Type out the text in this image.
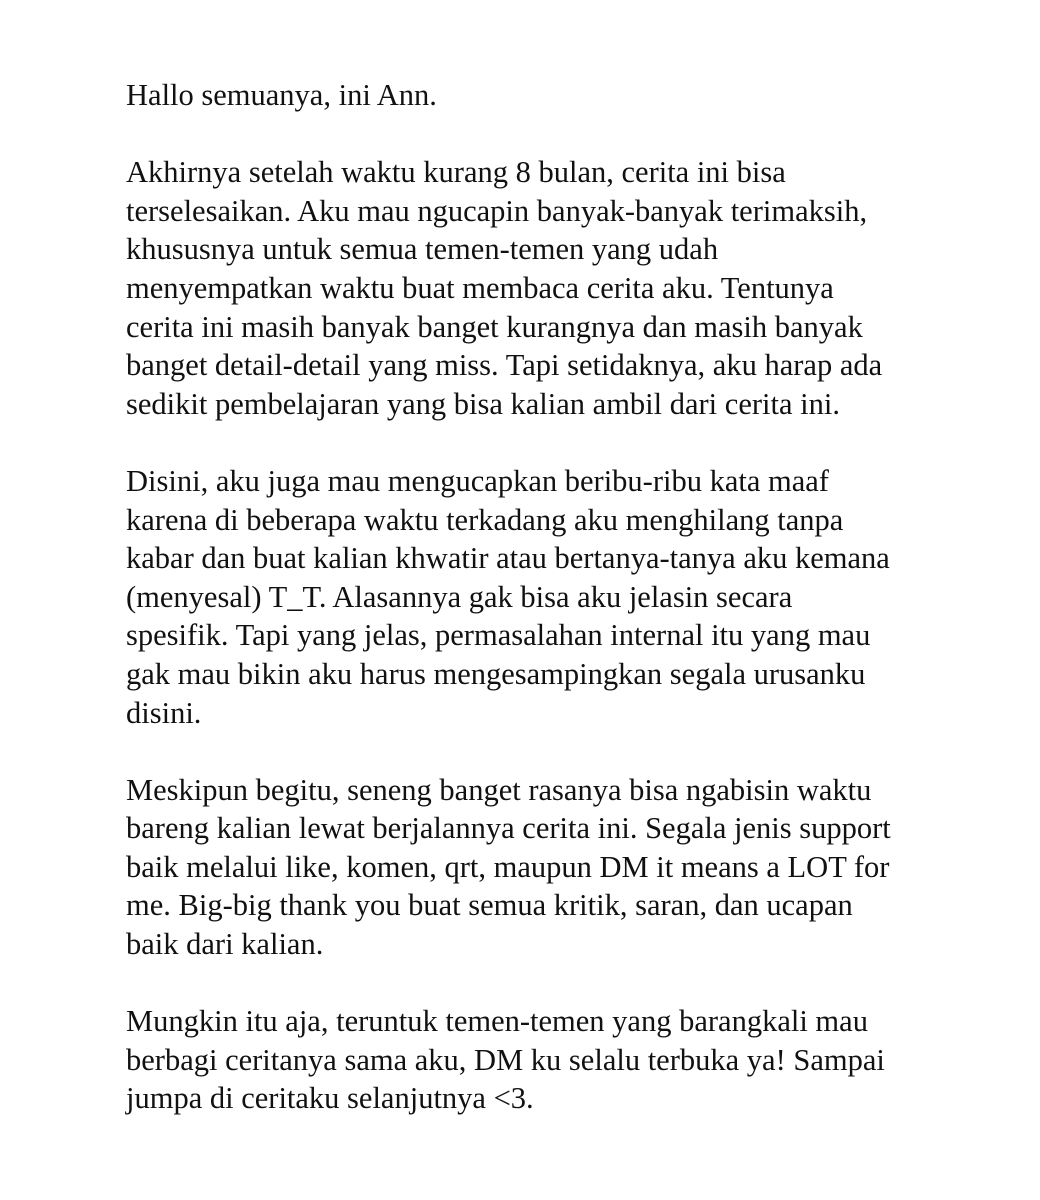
Hallo semuanya, ini Ann.
Akhirnya setelah waktu kurang 8 bulan, cerita ini bisa
terselesaikan. Aku mau ngucapin banyak-banyak terimaksih,
khususnya untuk semua temen-temen yang udah
menyempatkan waktu buat membaca cerita aku. Tentunya
cerita ini masih banyak banget kurangnya dan masih banyak
banget detail-detail yang miss. Tapi setidaknya, aku harap ada
sedikit pembelajaran yang bisa kalian ambil dari cerita ini.
Disini, aku juga mau mengucapkan beribu-ribu kata maaf
karena di beberapa waktu terkadang aku menghilang tanpa
kabar dan buat kalian khwatir atau bertanya-tanya aku kemana
(menyesal) T_T. Alasannya gak bisa aku jelasin secara
spesifik. Tapi yang jelas, permasalahan internal itu yang mau
gak mau bikin aku harus mengesampingkan segala urusanku
disini.
Meskipun begitu, seneng banget rasanya bisa ngabisin waktu
bareng kalian lewat berjalannya cerita ini. Segala jenis support
baik melalui like, komen, qrt, maupun DM it means a LOT for
me. Big-big thank you buat semua kritik, saran, dan ucapan
baik dari kalian.
Mungkin itu aja, teruntuk temen-temen yang barangkali mau
berbagi ceritanya sama aku, DM ku selalu terbuka ya! Sampai
jumpa di ceritaku selanjutnya <3.
